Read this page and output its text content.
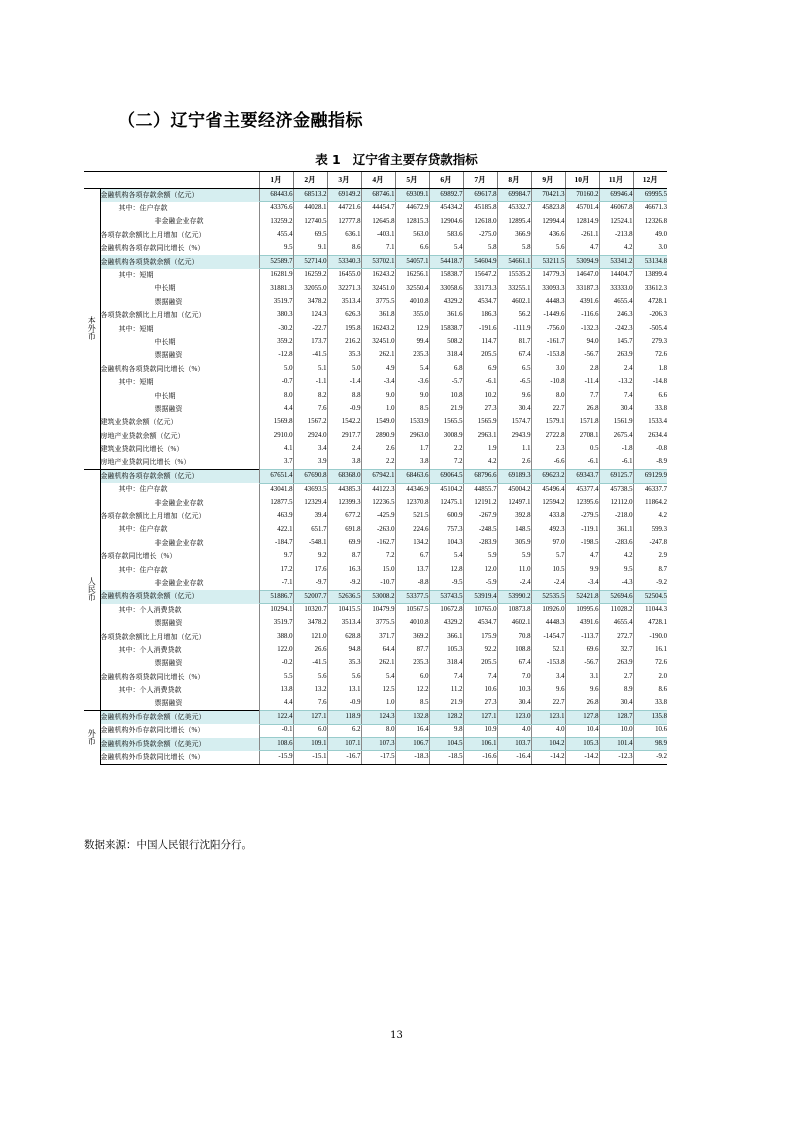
（二）辽宁省主要经济金融指标
表 1 辽宁省主要存贷款指标
		1月	2月	3月	4月	5月	6月	7月	8月	9月	10月	11月	12月

本
外
币	金融机构各项存款余额（亿元）	68443.6	68513.2	69149.2	68746.1	69309.1	69892.7	69617.8	69984.7	70421.3	70160.2	69946.4	69995.5
	其中：住户存款	43376.6	44028.1	44721.6	44454.7	44672.9	45434.2	45185.8	45332.7	45823.8	45701.4	46067.8	46671.3
	非金融企业存款	13259.2	12740.5	12777.8	12645.8	12815.3	12904.6	12618.0	12895.4	12994.4	12814.9	12524.1	12326.8
	各项存款余额比上月增加（亿元）	455.4	69.5	636.1	-403.1	563.0	583.6	-275.0	366.9	436.6	-261.1	-213.8	49.0
	金融机构各项存款同比增长（%）	9.5	9.1	8.6	7.1	6.6	5.4	5.8	5.8	5.6	4.7	4.2	3.0
	金融机构各项贷款余额（亿元）	52589.7	52714.0	53340.3	53702.1	54057.1	54418.7	54604.9	54661.1	53211.5	53094.9	53341.2	53134.8
	其中：短期	16281.9	16259.2	16455.0	16243.2	16256.1	15838.7	15647.2	15535.2	14779.3	14647.0	14404.7	13899.4
	中长期	31881.3	32055.0	32271.3	32451.0	32550.4	33058.6	33173.3	33255.1	33093.3	33187.3	33333.0	33612.3
	票据融资	3519.7	3478.2	3513.4	3775.5	4010.8	4329.2	4534.7	4602.1	4448.3	4391.6	4655.4	4728.1
	各项贷款余额比上月增加（亿元）	380.3	124.3	626.3	361.8	355.0	361.6	186.3	56.2	-1449.6	-116.6	246.3	-206.3
	其中：短期	-30.2	-22.7	195.8	16243.2	12.9	15838.7	-191.6	-111.9	-756.0	-132.3	-242.3	-505.4
	中长期	359.2	173.7	216.2	32451.0	99.4	508.2	114.7	81.7	-161.7	94.0	145.7	279.3
	票据融资	-12.8	-41.5	35.3	262.1	235.3	318.4	205.5	67.4	-153.8	-56.7	263.9	72.6
	金融机构各项贷款同比增长（%）	5.0	5.1	5.0	4.9	5.4	6.8	6.9	6.5	3.0	2.8	2.4	1.8
	其中：短期	-0.7	-1.1	-1.4	-3.4	-3.6	-5.7	-6.1	-6.5	-10.8	-11.4	-13.2	-14.8
	中长期	8.0	8.2	8.8	9.0	9.0	10.8	10.2	9.6	8.0	7.7	7.4	6.6
	票据融资	4.4	7.6	-0.9	1.0	8.5	21.9	27.3	30.4	22.7	26.8	30.4	33.8
	建筑业贷款余额（亿元）	1569.8	1567.2	1542.2	1549.0	1533.9	1565.5	1565.9	1574.7	1579.1	1571.8	1561.9	1533.4
	房地产业贷款余额（亿元）	2910.0	2924.0	2917.7	2890.9	2963.0	3008.9	2963.1	2943.9	2722.8	2708.1	2675.4	2634.4
	建筑业贷款同比增长（%）	4.1	3.4	2.4	2.6	1.7	2.2	1.9	1.1	2.3	0.5	-1.8	-0.8
	房地产业贷款同比增长（%）	3.7	3.9	3.8	2.2	3.8	7.2	4.2	2.6	-6.6	-6.1	-6.1	-8.9

人
民
币	金融机构各项存款余额（亿元）	67651.4	67690.8	68368.0	67942.1	68463.6	69064.5	68796.6	69189.3	69623.2	69343.7	69125.7	69129.9
	其中：住户存款	43041.8	43693.5	44385.3	44122.3	44346.9	45104.2	44855.7	45004.2	45496.4	45377.4	45738.5	46337.7
	非金融企业存款	12877.5	12329.4	12399.3	12236.5	12370.8	12475.1	12191.2	12497.1	12594.2	12395.6	12112.0	11864.2
	各项存款余额比上月增加（亿元）	463.9	39.4	677.2	-425.9	521.5	600.9	-267.9	392.8	433.8	-279.5	-218.0	4.2
	其中：住户存款	422.1	651.7	691.8	-263.0	224.6	757.3	-248.5	148.5	492.3	-119.1	361.1	599.3
	非金融企业存款	-184.7	-548.1	69.9	-162.7	134.2	104.3	-283.9	305.9	97.0	-198.5	-283.6	-247.8
	各项存款同比增长（%）	9.7	9.2	8.7	7.2	6.7	5.4	5.9	5.9	5.7	4.7	4.2	2.9
	其中：住户存款	17.2	17.6	16.3	15.0	13.7	12.8	12.0	11.0	10.5	9.9	9.5	8.7
	非金融企业存款	-7.1	-9.7	-9.2	-10.7	-8.8	-9.5	-5.9	-2.4	-2.4	-3.4	-4.3	-9.2
	金融机构各项贷款余额（亿元）	51886.7	52007.7	52636.5	53008.2	53377.5	53743.5	53919.4	53990.2	52535.5	52421.8	52694.6	52504.5
	其中：个人消费贷款	10294.1	10320.7	10415.5	10479.9	10567.5	10672.8	10765.0	10873.8	10926.0	10995.6	11028.2	11044.3
	票据融资	3519.7	3478.2	3513.4	3775.5	4010.8	4329.2	4534.7	4602.1	4448.3	4391.6	4655.4	4728.1
	各项贷款余额比上月增加（亿元）	388.0	121.0	628.8	371.7	369.2	366.1	175.9	70.8	-1454.7	-113.7	272.7	-190.0
	其中：个人消费贷款	122.0	26.6	94.8	64.4	87.7	105.3	92.2	108.8	52.1	69.6	32.7	16.1
	票据融资	-0.2	-41.5	35.3	262.1	235.3	318.4	205.5	67.4	-153.8	-56.7	263.9	72.6
	金融机构各项贷款同比增长（%）	5.5	5.6	5.6	5.4	6.0	7.4	7.4	7.0	3.4	3.1	2.7	2.0
	其中：个人消费贷款	13.8	13.2	13.1	12.5	12.2	11.2	10.6	10.3	9.6	9.6	8.9	8.6
	票据融资	4.4	7.6	-0.9	1.0	8.5	21.9	27.3	30.4	22.7	26.8	30.4	33.8

外
币	金融机构外币存款余额（亿美元）	122.4	127.1	118.9	124.3	132.8	128.2	127.1	123.0	123.1	127.8	128.7	135.8
	金融机构外币存款同比增长（%）	-0.1	6.0	6.2	8.0	16.4	9.8	10.9	4.0	4.0	10.4	10.0	10.6
	金融机构外币贷款余额（亿美元）	108.6	109.1	107.1	107.3	106.7	104.5	106.1	103.7	104.2	105.3	101.4	98.9
	金融机构外币贷款同比增长（%）	-15.9	-15.1	-16.7	-17.5	-18.3	-18.5	-16.6	-16.4	-14.2	-14.2	-12.3	-9.2
数据来源：中国人民银行沈阳分行。
13
